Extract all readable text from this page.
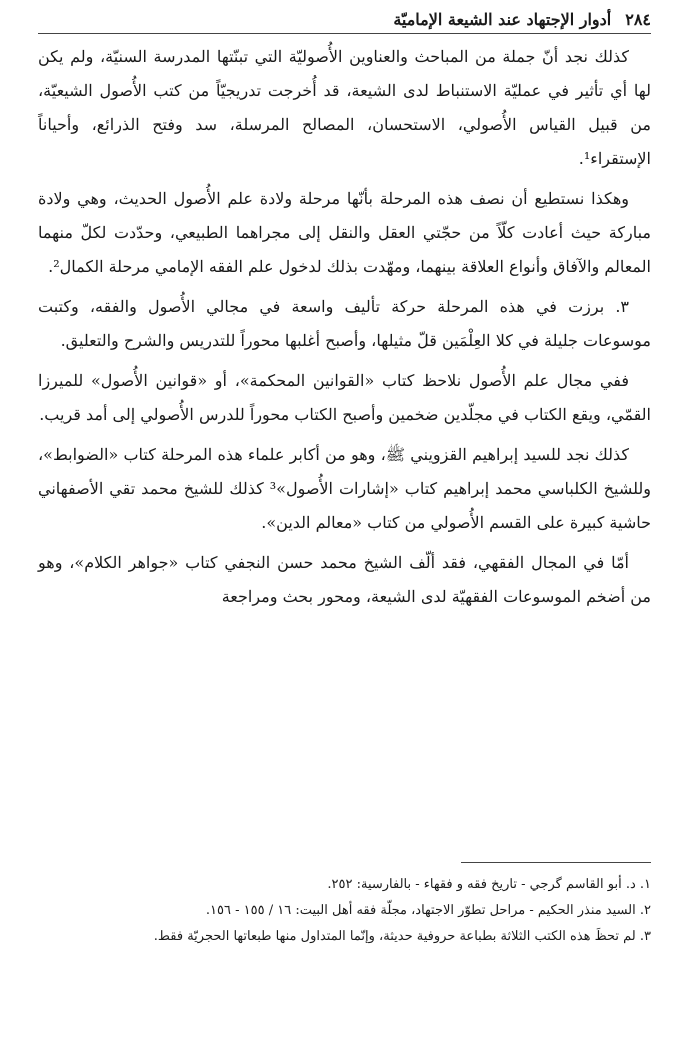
٢٨٤
أدوار الإجتهاد عند الشيعة الإماميّة

كذلك نجد أنّ جملة من المباحث والعناوين الأُصوليّة التي تبنّتها المدرسة السنيّة، ولم يكن لها أي تأثير في عمليّة الاستنباط لدى الشيعة، قد أُخرجت تدريجيّاً من كتب الأُصول الشيعيّة، من قبيل القياس الأُصولي، الاستحسان، المصالح المرسلة، سد وفتح الذرائع، وأحياناً الإستقراء¹.

وهكذا نستطيع أن نصف هذه المرحلة بأنّها مرحلة ولادة علم الأُصول الحديث، وهي ولادة مباركة حيث أعادت كلّاً من حجّتي العقل والنقل إلى مجراهما الطبيعي، وحدّدت لكلّ منهما المعالم والآفاق وأنواع العلاقة بينهما، ومهّدت بذلك لدخول علم الفقه الإمامي مرحلة الكمال².

٣. برزت في هذه المرحلة حركة تأليف واسعة في مجالي الأُصول والفقه، وكتبت موسوعات جليلة في كلا العِلْمَين قلّ مثيلها، وأصبح أغلبها محوراً للتدريس والشرح والتعليق.

ففي مجال علم الأُصول نلاحظ كتاب «القوانين المحكمة»، أو «قوانين الأُصول» للميرزا القمّي، ويقع الكتاب في مجلّدين ضخمين وأصبح الكتاب محوراً للدرس الأُصولي إلى أمد قريب.

كذلك نجد للسيد إبراهيم القزويني ﷺ، وهو من أكابر علماء هذه المرحلة كتاب «الضوابط»، وللشيخ الكلباسي محمد إبراهيم كتاب «إشارات الأُصول»³ كذلك للشيخ محمد تقي الأصفهاني حاشية كبيرة على القسم الأُصولي من كتاب «معالم الدين».

أمّا في المجال الفقهي، فقد ألّف الشيخ محمد حسن النجفي كتاب «جواهر الكلام»، وهو من أضخم الموسوعات الفقهيّة لدى الشيعة، ومحور بحث ومراجعة

١. د. أبو القاسم گرجي - تاريخ فقه و فقهاء - بالفارسية: ٢٥٢.
٢. السيد منذر الحكيم - مراحل تطوّر الاجتهاد، مجلّة فقه أهل البيت: ١٦ / ١٥٥ - ١٥٦.
٣. لم تحظَ هذه الكتب الثلاثة بطباعة حروفية حديثة، وإنّما المتداول منها طبعاتها الحجريّة فقط.
